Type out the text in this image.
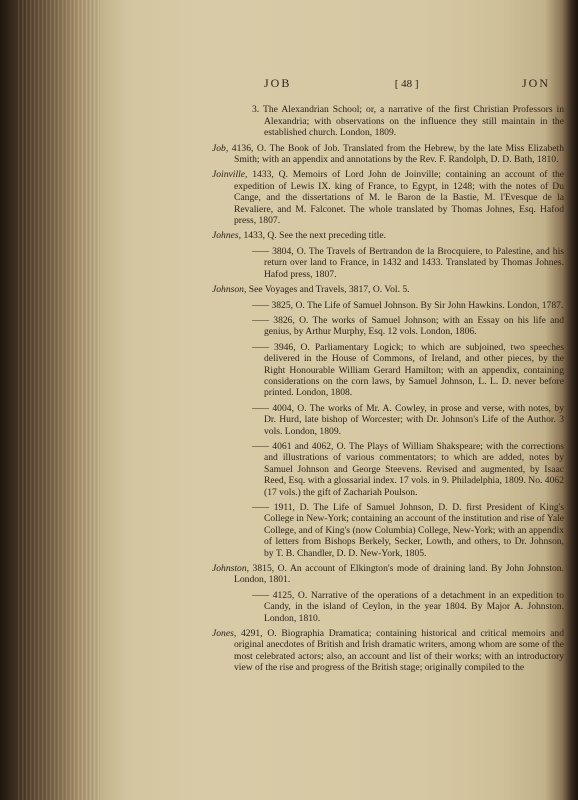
JOB	[ 48 ]	JON
3. The Alexandrian School; or, a narrative of the first Christian Professors in Alexandria; with observations on the influence they still maintain in the established church. London, 1809.
Job, 4136, O. The Book of Job. Translated from the Hebrew, by the late Miss Elizabeth Smith; with an appendix and annotations by the Rev. F. Randolph, D. D. Bath, 1810.
Joinville, 1433, Q. Memoirs of Lord John de Joinville; containing an account of the expedition of Lewis IX. king of France, to Egypt, in 1248; with the notes of Du Cange, and the dissertations of M. le Baron de la Bastie, M. l'Evesque de la Revaliere, and M. Falconet. The whole translated by Thomas Johnes, Esq. Hafod press, 1807.
Johnes, 1433, Q. See the next preceding title.
—— 3804, O. The Travels of Bertrandon de la Brocquiere, to Palestine, and his return over land to France, in 1432 and 1433. Translated by Thomas Johnes. Hafod press, 1807.
Johnson, See Voyages and Travels, 3817, O. Vol. 5.
—— 3825, O. The Life of Samuel Johnson. By Sir John Hawkins. London, 1787.
—— 3826, O. The works of Samuel Johnson; with an Essay on his life and genius, by Arthur Murphy, Esq. 12 vols. London, 1806.
—— 3946, O. Parliamentary Logick; to which are subjoined, two speeches delivered in the House of Commons, of Ireland, and other pieces, by the Right Honourable William Gerard Hamilton; with an appendix, containing considerations on the corn laws, by Samuel Johnson, L. L. D. never before printed. London, 1808.
—— 4004, O. The works of Mr. A. Cowley, in prose and verse, with notes, by Dr. Hurd, late bishop of Worcester; with Dr. Johnson's Life of the Author. 3 vols. London, 1809.
—— 4061 and 4062, O. The Plays of William Shakspeare; with the corrections and illustrations of various commentators; to which are added, notes by Samuel Johnson and George Steevens. Revised and augmented, by Isaac Reed, Esq. with a glossarial index. 17 vols. in 9. Philadelphia, 1809. No. 4062 (17 vols.) the gift of Zachariah Poulson.
—— 1911, D. The Life of Samuel Johnson, D. D. first President of King's College in New-York; containing an account of the institution and rise of Yale College, and of King's (now Columbia) College, New-York; with an appendix of letters from Bishops Berkely, Secker, Lowth, and others, to Dr. Johnson, by T. B. Chandler, D. D. New-York, 1805.
Johnston, 3815, O. An account of Elkington's mode of draining land. By John Johnston. London, 1801.
—— 4125, O. Narrative of the operations of a detachment in an expedition to Candy, in the island of Ceylon, in the year 1804. By Major A. Johnston. London, 1810.
Jones, 4291, O. Biographia Dramatica; containing historical and critical memoirs and original anecdotes of British and Irish dramatic writers, among whom are some of the most celebrated actors; also, an account and list of their works; with an introductory view of the rise and progress of the British stage; originally compiled to the
